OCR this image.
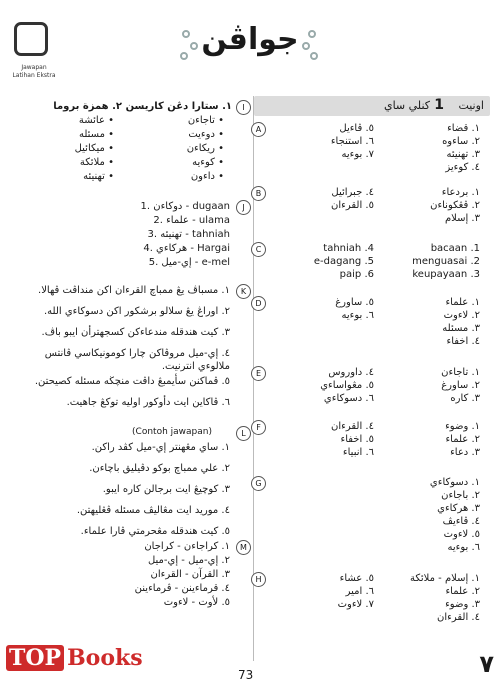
Jawapan
Latihan Ekstra
جواڤن
اونيت
1
کنلي ساي
A	١. قضاء
٢. ساءوه
٣. تهنيئه
٤. کوءيز
٥. ڤاءيل
٦. استنجاء
٧. بوءيه
B	١. بردعاء
٢. ڤڠکوناءن
٣. إسلام
٤. جبرائيل
٥. القرءان
C	bacaan .1
menguasai .2
keupayaan .3
tahniah .4
e-dagang .5
paip .6
D	١. علماء
٢. لاءوت
٣. مسئله
٤. اخفاء
٥. ساورغ
٦. بوءيه
E	١. تاجاءن
٢. ساورغ
٣. کاره
٤. داوروس
٥. مڠواساءي
٦. دسوکاءي
F	١. وضوء
٢. علماء
٣. دعاء
٤. القرءان
٥. اخفاء
٦. انبياء
G	١. دسوکاءي
٢. باجاءن
٣. هرکاءي
٤. ڤاءيڤ
٥. لاءوت
٦. بوءيه
H	١. إسلام - ملائکة
٢. علماء
٣. وضوء
٤. القرءان
٥. عشاء
٦. امير
٧. لاءوت
I
١. ستارا دڠن کاريسن
٢. همزة بروما
• تاجاءن
• دوءيت
• ريکاءن
• کوءيه
• داءون
• عائشة
• مسئله
• ميکائيل
• ملائکة
• تهنيئه
J
dugaan - دوکاءن .1
ulama - علماء .2
tahniah - تهنيئه .3
Hargai - هرکاءي .4
e-mel - إي-ميل .5
K
١. مسباڤ يڠ ممباچ القرءان اکن منداڤت ڤهالا.
٢. اوراڠ يڠ سلالو برشکور اکن دسوکاءي الله.
٣. کيت هندقله مندعاءکن کسجهترأن ايبو باڤ.
٤. إي-ميل مروڤاکن چارا کومونيکاسي ڤانتس ملالوءي انترنيت.
٥. ڤماکنن سأيمبڠ داڤت منچڬه مسئله کصيحتن.
٦. ڤاکاين ايت دأوکور اوليه توکڠ جاهيت.
L
(Contoh jawapan)
١. ساي مڠهنتر إي-ميل کڤد راکن.
٢. علي ممباچ بوکو دڤيليق باچاءن.
٣. کوچيڠ ايت برجالن کاره ايبو.
٤. موريد ايت مڠاليڤ مسئله ڤڠليهتن.
٥. کيت هندقله مڠحرمتي ڤارا علماء.
M
١. کراجاءن - کراجان
٢. إي-ميل - إي-ميل
٣. القرآن - القرءان
٤. قرماءينن - ڤرماءينن
٥. لأوت - لاءوت
73
TOP Books	٧
